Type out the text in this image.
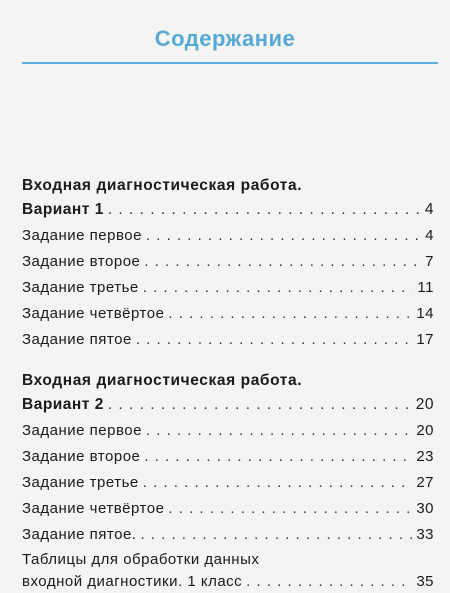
Содержание
Входная диагностическая работа.
Вариант 1 . . .	4
Задание первое . . .	4
Задание второе . . .	7
Задание третье . . .	11
Задание четвёртое . . .	14
Задание пятое . . .	17
Входная диагностическая работа.
Вариант 2 . . .	20
Задание первое . . .	20
Задание второе . . .	23
Задание третье . . .	27
Задание четвёртое . . .	30
Задание пятое. . . .	33
Таблицы для обработки данных
входной диагностики. 1 класс . . .	35
